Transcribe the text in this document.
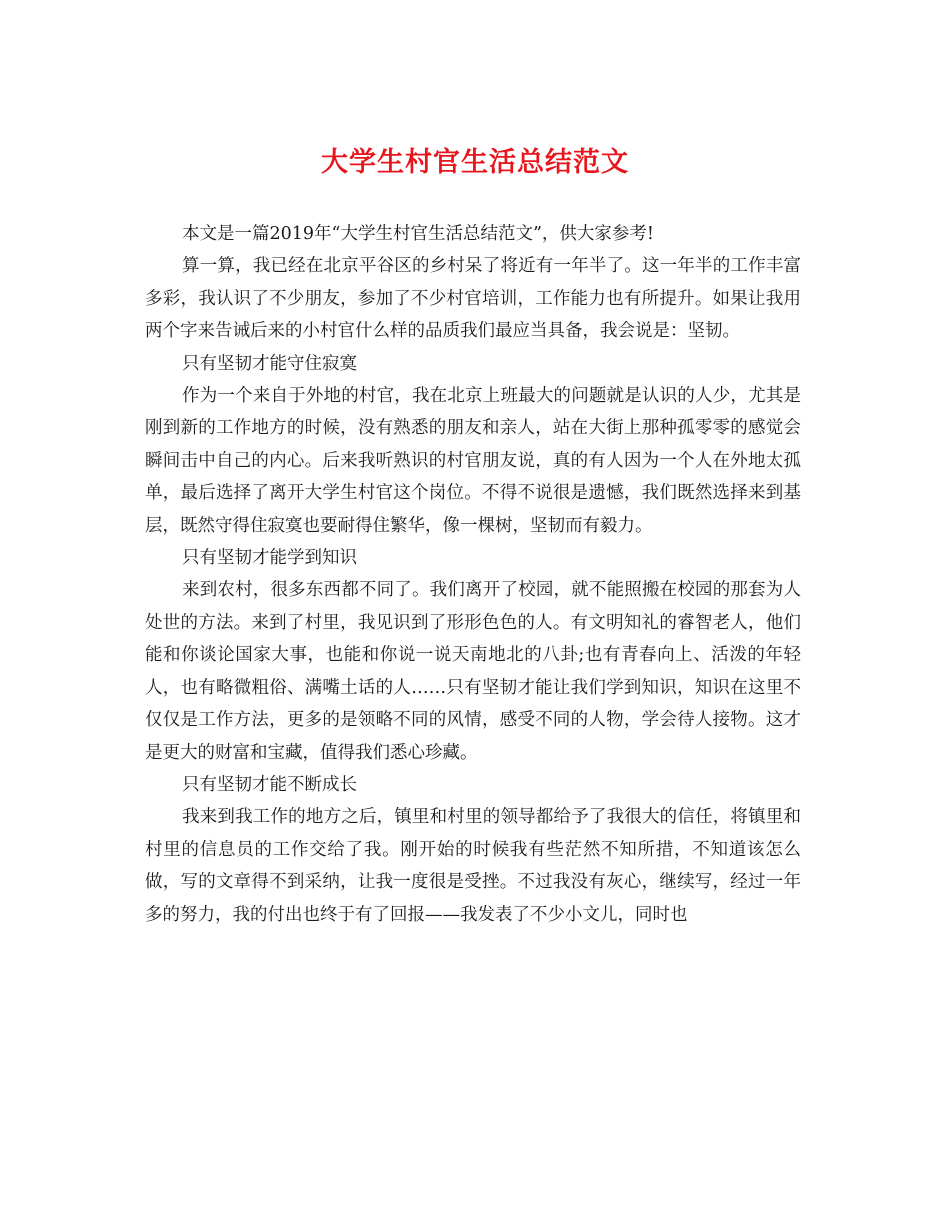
大学生村官生活总结范文

本文是一篇2019年“大学生村官生活总结范文”，供大家参考!

算一算，我已经在北京平谷区的乡村呆了将近有一年半了。这一年半的工作丰富多彩，我认识了不少朋友，参加了不少村官培训，工作能力也有所提升。如果让我用两个字来告诫后来的小村官什么样的品质我们最应当具备，我会说是：坚韧。

只有坚韧才能守住寂寞

作为一个来自于外地的村官，我在北京上班最大的问题就是认识的人少，尤其是刚到新的工作地方的时候，没有熟悉的朋友和亲人，站在大街上那种孤零零的感觉会瞬间击中自己的内心。后来我听熟识的村官朋友说，真的有人因为一个人在外地太孤单，最后选择了离开大学生村官这个岗位。不得不说很是遗憾，我们既然选择来到基层，既然守得住寂寞也要耐得住繁华，像一棵树，坚韧而有毅力。

只有坚韧才能学到知识

来到农村，很多东西都不同了。我们离开了校园，就不能照搬在校园的那套为人处世的方法。来到了村里，我见识到了形形色色的人。有文明知礼的睿智老人，他们能和你谈论国家大事，也能和你说一说天南地北的八卦;也有青春向上、活泼的年轻人，也有略微粗俗、满嘴土话的人……只有坚韧才能让我们学到知识，知识在这里不仅仅是工作方法，更多的是领略不同的风情，感受不同的人物，学会待人接物。这才是更大的财富和宝藏，值得我们悉心珍藏。

只有坚韧才能不断成长

我来到我工作的地方之后，镇里和村里的领导都给予了我很大的信任，将镇里和村里的信息员的工作交给了我。刚开始的时候我有些茫然不知所措，不知道该怎么做，写的文章得不到采纳，让我一度很是受挫。不过我没有灰心，继续写，经过一年多的努力，我的付出也终于有了回报——我发表了不少小文儿，同时也
